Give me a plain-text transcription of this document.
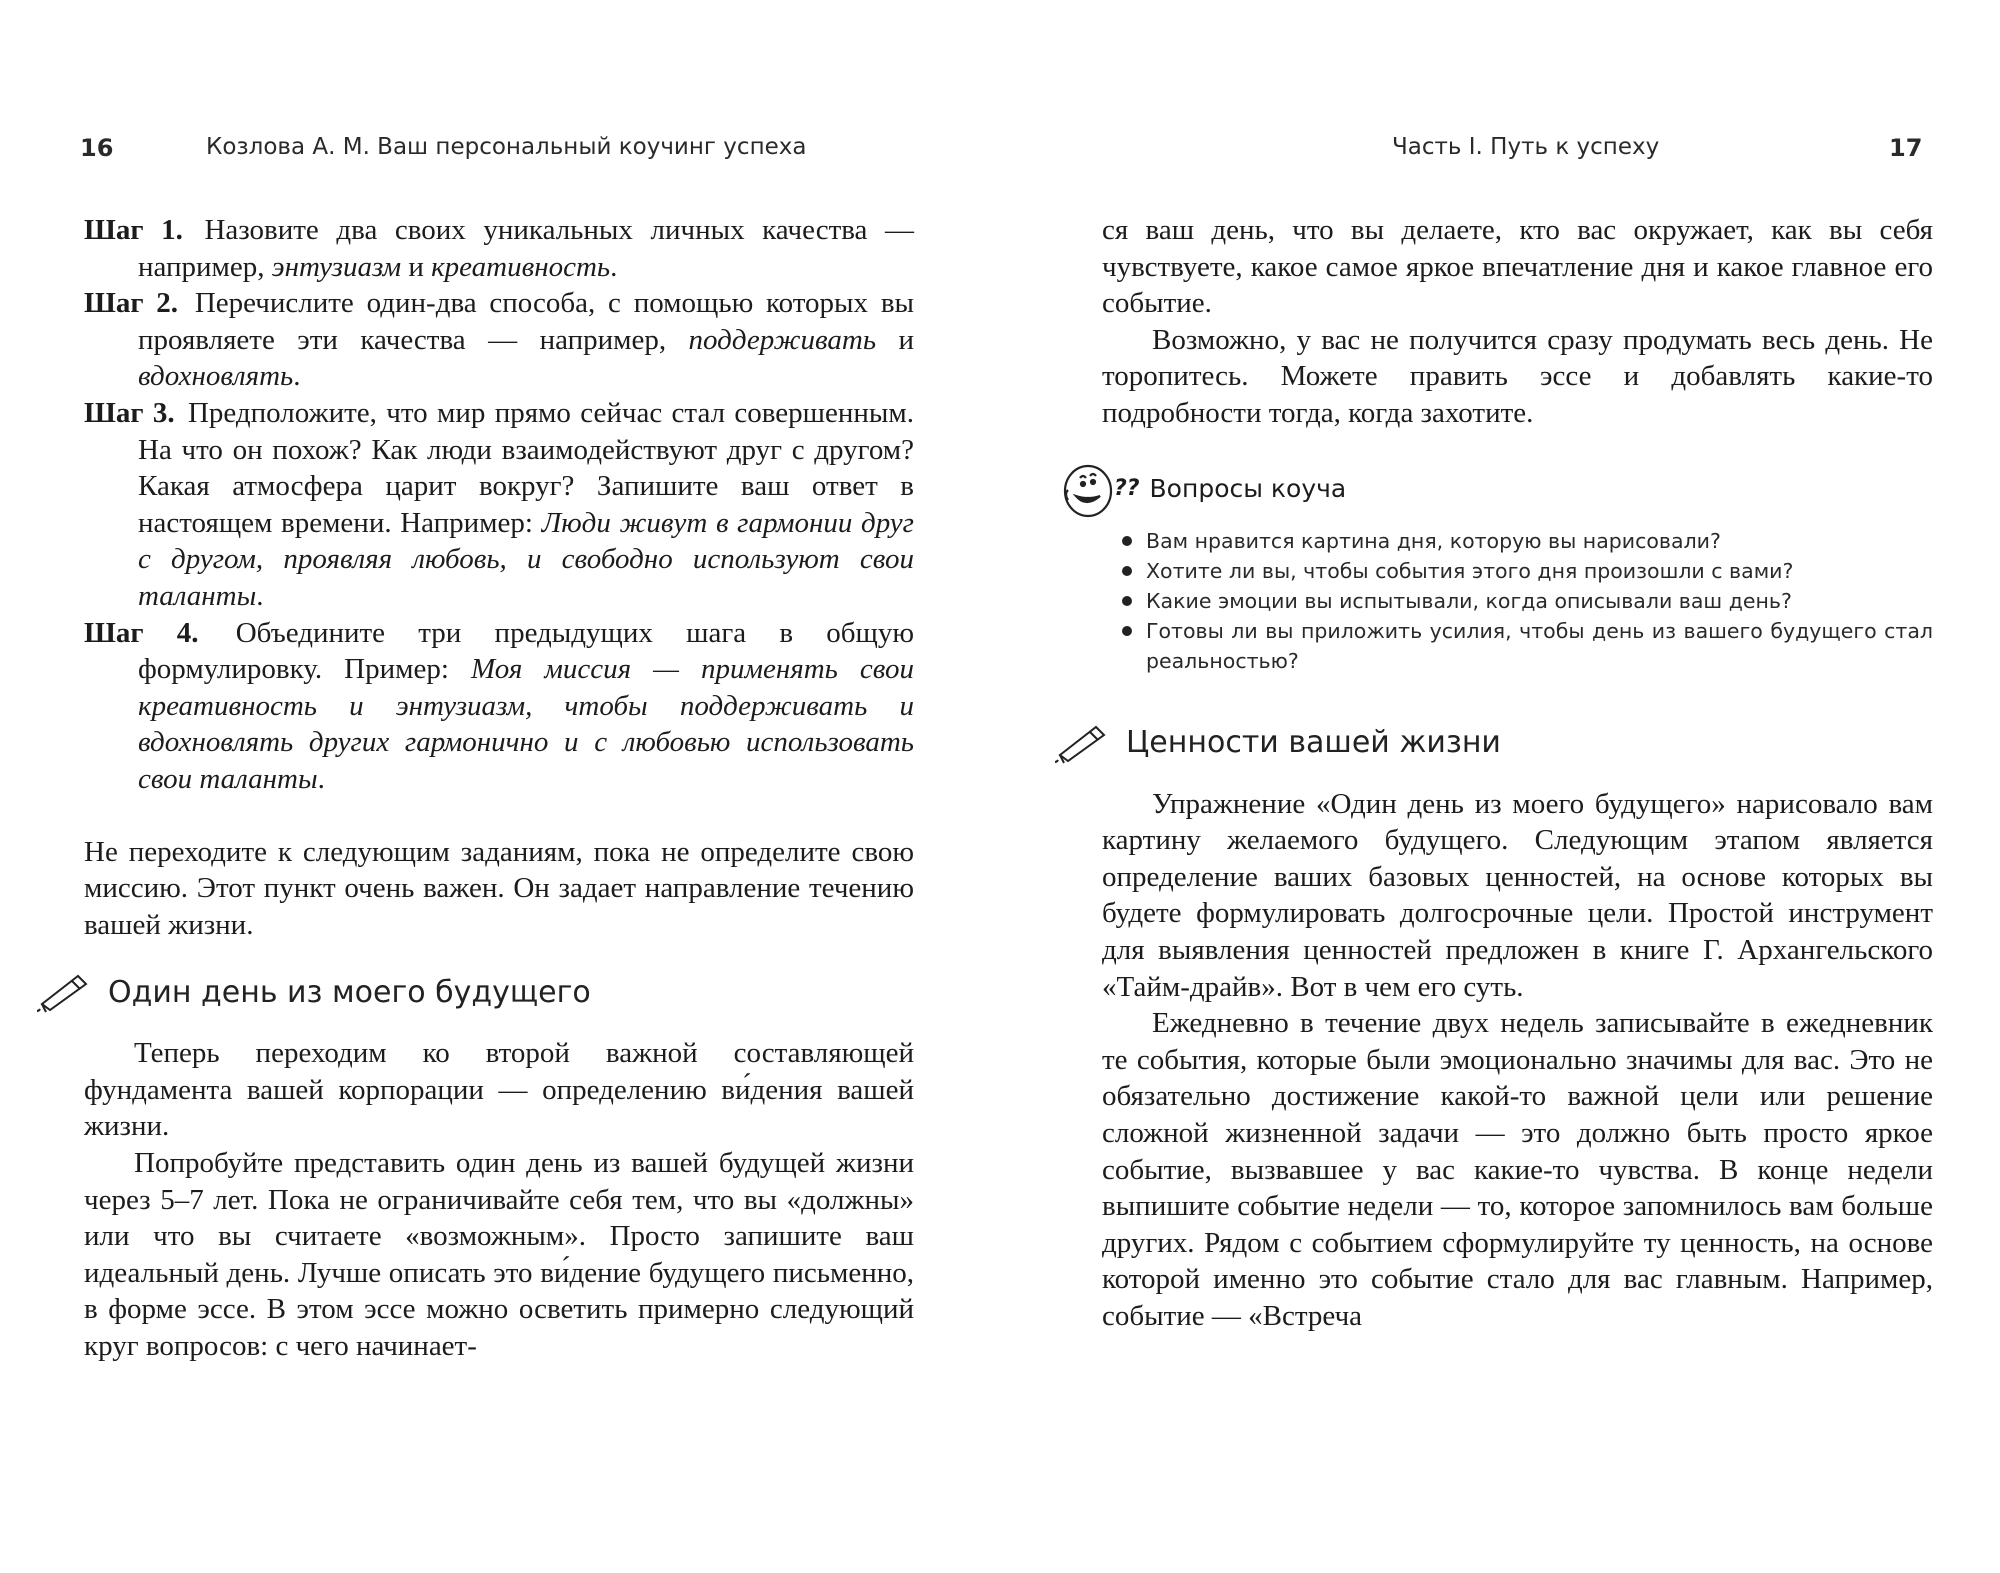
16	Козлова А. М. Ваш персональный коучинг успеха

Шаг 1. Назовите два своих уникальных личных качества — например, энтузиазм и креативность.

Шаг 2. Перечислите один-два способа, с помощью которых вы проявляете эти качества — например, поддерживать и вдохновлять.

Шаг 3. Предположите, что мир прямо сейчас стал совершенным. На что он похож? Как люди взаимодействуют друг с другом? Какая атмосфера царит вокруг? Запишите ваш ответ в настоящем времени. Например: Люди живут в гармонии друг с другом, проявляя любовь, и свободно используют свои таланты.

Шаг 4. Объедините три предыдущих шага в общую формулировку. Пример: Моя миссия — применять свои креативность и энтузиазм, чтобы поддерживать и вдохновлять других гармонично и с любовью использовать свои таланты.

Не переходите к следующим заданиям, пока не определите свою миссию. Этот пункт очень важен. Он задает направление течению вашей жизни.

Один день из моего будущего

Теперь переходим ко второй важной составляющей фундамента вашей корпорации — определению ви́дения вашей жизни.

Попробуйте представить один день из вашей будущей жизни через 5–7 лет. Пока не ограничивайте себя тем, что вы «должны» или что вы считаете «возможным». Просто запишите ваш идеальный день. Лучше описать это ви́дение будущего письменно, в форме эссе. В этом эссе можно осветить примерно следующий круг вопросов: с чего начинает-

Часть I. Путь к успеху	17

ся ваш день, что вы делаете, кто вас окружает, как вы себя чувствуете, какое самое яркое впечатление дня и какое главное его событие.

Возможно, у вас не получится сразу продумать весь день. Не торопитесь. Можете править эссе и добавлять какие-то подробности тогда, когда захотите.

?? Вопросы коуча
Вам нравится картина дня, которую вы нарисовали?
Хотите ли вы, чтобы события этого дня произошли с вами?
Какие эмоции вы испытывали, когда описывали ваш день?
Готовы ли вы приложить усилия, чтобы день из вашего будущего стал реальностью?
Ценности вашей жизни

Упражнение «Один день из моего будущего» нарисовало вам картину желаемого будущего. Следующим этапом является определение ваших базовых ценностей, на основе которых вы будете формулировать долгосрочные цели. Простой инструмент для выявления ценностей предложен в книге Г. Архангельского «Тайм-драйв». Вот в чем его суть.

Ежедневно в течение двух недель записывайте в ежедневник те события, которые были эмоционально значимы для вас. Это не обязательно достижение какой-то важной цели или решение сложной жизненной задачи — это должно быть просто яркое событие, вызвавшее у вас какие-то чувства. В конце недели выпишите событие недели — то, которое запомнилось вам больше других. Рядом с событием сформулируйте ту ценность, на основе которой именно это событие стало для вас главным. Например, событие — «Встреча
